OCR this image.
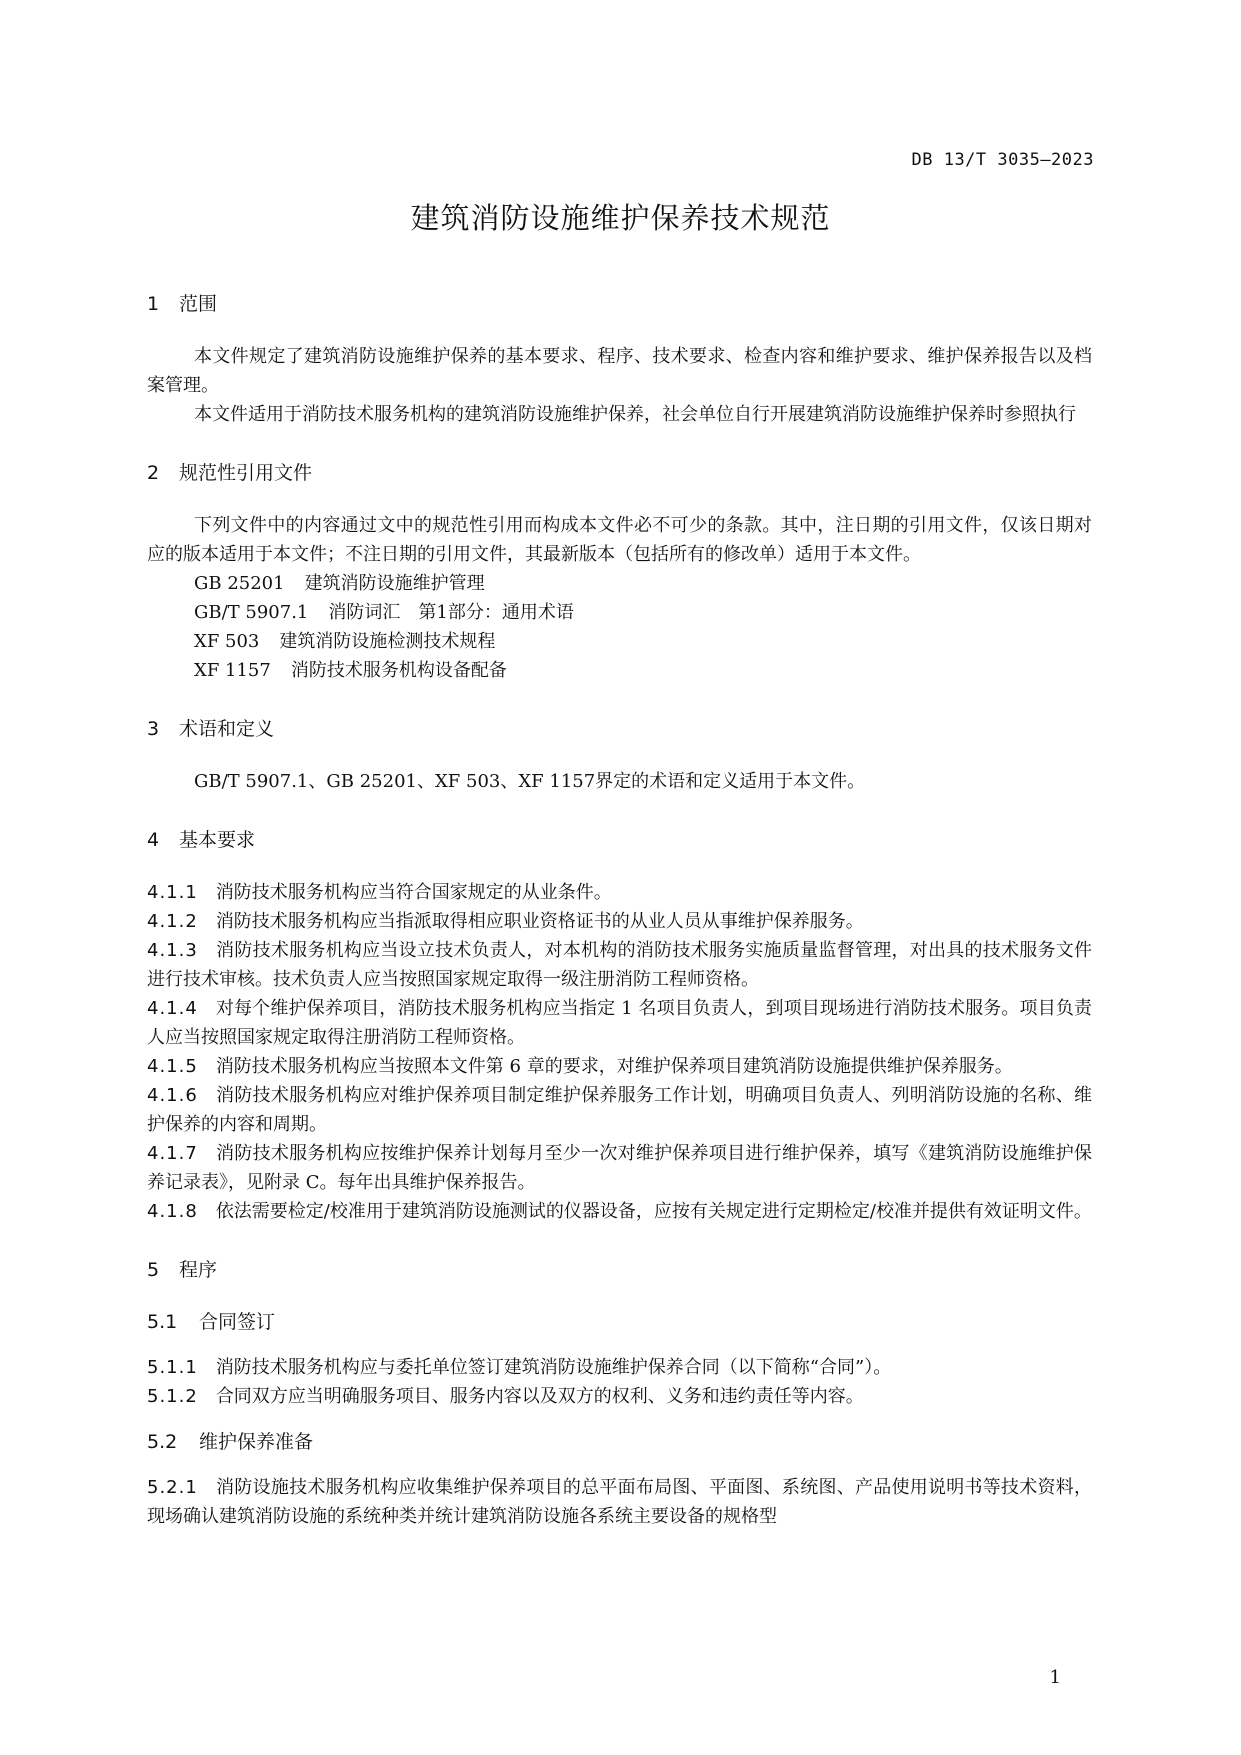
DB 13/T 3035—2023
建筑消防设施维护保养技术规范
1 范围
本文件规定了建筑消防设施维护保养的基本要求、程序、技术要求、检查内容和维护要求、维护保养报告以及档案管理。
本文件适用于消防技术服务机构的建筑消防设施维护保养，社会单位自行开展建筑消防设施维护保养时参照执行
2 规范性引用文件
下列文件中的内容通过文中的规范性引用而构成本文件必不可少的条款。其中，注日期的引用文件，仅该日期对应的版本适用于本文件；不注日期的引用文件，其最新版本（包括所有的修改单）适用于本文件。
GB 25201 建筑消防设施维护管理
GB/T 5907.1 消防词汇　第1部分：通用术语
XF 503 建筑消防设施检测技术规程
XF 1157 消防技术服务机构设备配备
3 术语和定义
GB/T 5907.1、GB 25201、XF 503、XF 1157界定的术语和定义适用于本文件。
4 基本要求
4.1.1 消防技术服务机构应当符合国家规定的从业条件。
4.1.2 消防技术服务机构应当指派取得相应职业资格证书的从业人员从事维护保养服务。
4.1.3 消防技术服务机构应当设立技术负责人，对本机构的消防技术服务实施质量监督管理，对出具的技术服务文件进行技术审核。技术负责人应当按照国家规定取得一级注册消防工程师资格。
4.1.4 对每个维护保养项目，消防技术服务机构应当指定 1 名项目负责人，到项目现场进行消防技术服务。项目负责人应当按照国家规定取得注册消防工程师资格。
4.1.5 消防技术服务机构应当按照本文件第 6 章的要求，对维护保养项目建筑消防设施提供维护保养服务。
4.1.6 消防技术服务机构应对维护保养项目制定维护保养服务工作计划，明确项目负责人、列明消防设施的名称、维护保养的内容和周期。
4.1.7 消防技术服务机构应按维护保养计划每月至少一次对维护保养项目进行维护保养，填写《建筑消防设施维护保养记录表》，见附录 C。每年出具维护保养报告。
4.1.8 依法需要检定/校准用于建筑消防设施测试的仪器设备，应按有关规定进行定期检定/校准并提供有效证明文件。
5 程序
5.1 合同签订
5.1.1 消防技术服务机构应与委托单位签订建筑消防设施维护保养合同（以下简称“合同”）。
5.1.2 合同双方应当明确服务项目、服务内容以及双方的权利、义务和违约责任等内容。
5.2 维护保养准备
5.2.1 消防设施技术服务机构应收集维护保养项目的总平面布局图、平面图、系统图、产品使用说明书等技术资料，现场确认建筑消防设施的系统种类并统计建筑消防设施各系统主要设备的规格型
1
